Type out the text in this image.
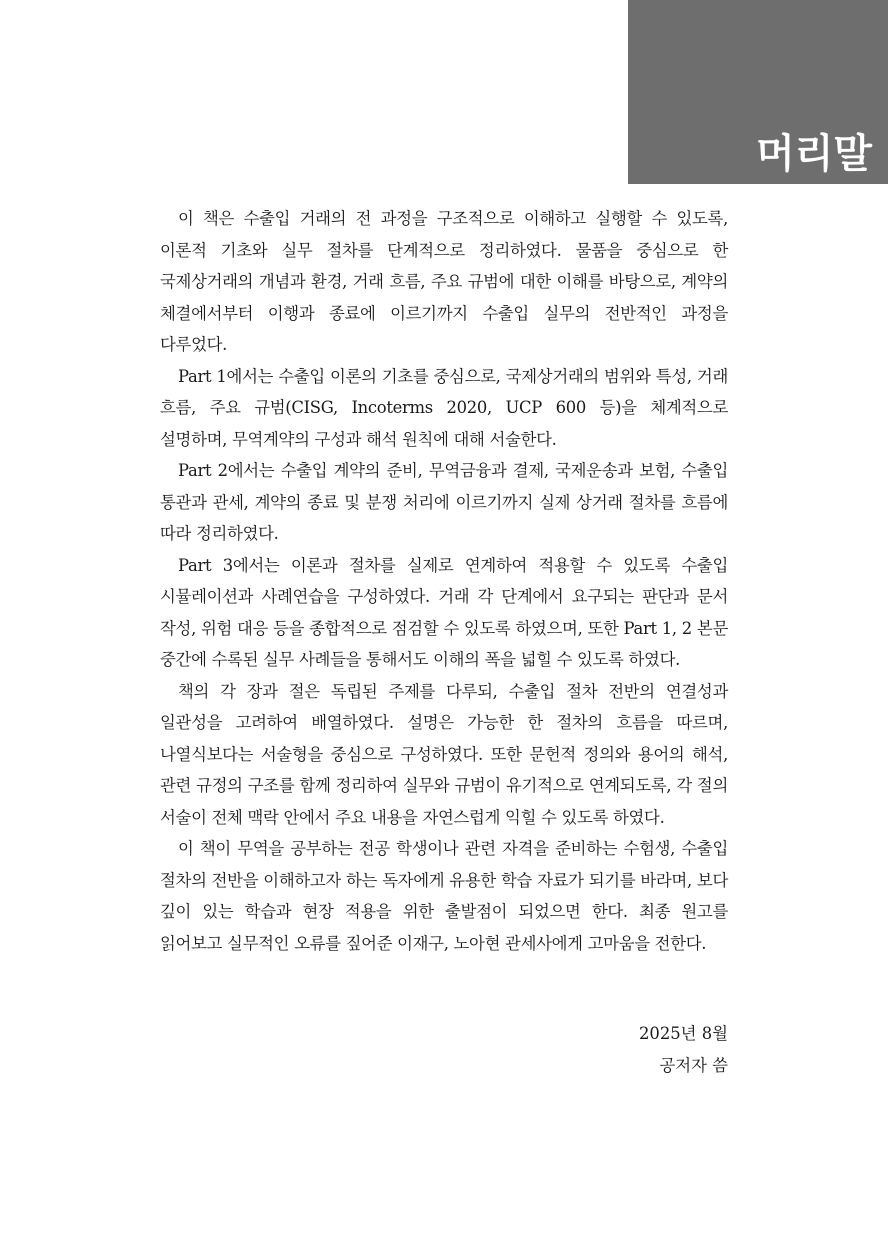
머리말

이 책은 수출입 거래의 전 과정을 구조적으로 이해하고 실행할 수 있도록, 이론적 기초와 실무 절차를 단계적으로 정리하였다. 물품을 중심으로 한 국제상거래의 개념과 환경, 거래 흐름, 주요 규범에 대한 이해를 바탕으로, 계약의 체결에서부터 이행과 종료에 이르기까지 수출입 실무의 전반적인 과정을 다루었다.

Part 1에서는 수출입 이론의 기초를 중심으로, 국제상거래의 범위와 특성, 거래 흐름, 주요 규범(CISG, Incoterms 2020, UCP 600 등)을 체계적으로 설명하며, 무역계약의 구성과 해석 원칙에 대해 서술한다.

Part 2에서는 수출입 계약의 준비, 무역금융과 결제, 국제운송과 보험, 수출입 통관과 관세, 계약의 종료 및 분쟁 처리에 이르기까지 실제 상거래 절차를 흐름에 따라 정리하였다.

Part 3에서는 이론과 절차를 실제로 연계하여 적용할 수 있도록 수출입 시뮬레이션과 사례연습을 구성하였다. 거래 각 단계에서 요구되는 판단과 문서 작성, 위험 대응 등을 종합적으로 점검할 수 있도록 하였으며, 또한 Part 1, 2 본문 중간에 수록된 실무 사례들을 통해서도 이해의 폭을 넓힐 수 있도록 하였다.

책의 각 장과 절은 독립된 주제를 다루되, 수출입 절차 전반의 연결성과 일관성을 고려하여 배열하였다. 설명은 가능한 한 절차의 흐름을 따르며, 나열식보다는 서술형을 중심으로 구성하였다. 또한 문헌적 정의와 용어의 해석, 관련 규정의 구조를 함께 정리하여 실무와 규범이 유기적으로 연계되도록, 각 절의 서술이 전체 맥락 안에서 주요 내용을 자연스럽게 익힐 수 있도록 하였다.

이 책이 무역을 공부하는 전공 학생이나 관련 자격을 준비하는 수험생, 수출입 절차의 전반을 이해하고자 하는 독자에게 유용한 학습 자료가 되기를 바라며, 보다 깊이 있는 학습과 현장 적용을 위한 출발점이 되었으면 한다. 최종 원고를 읽어보고 실무적인 오류를 짚어준 이재구, 노아현 관세사에게 고마움을 전한다.

2025년 8월
공저자 씀
